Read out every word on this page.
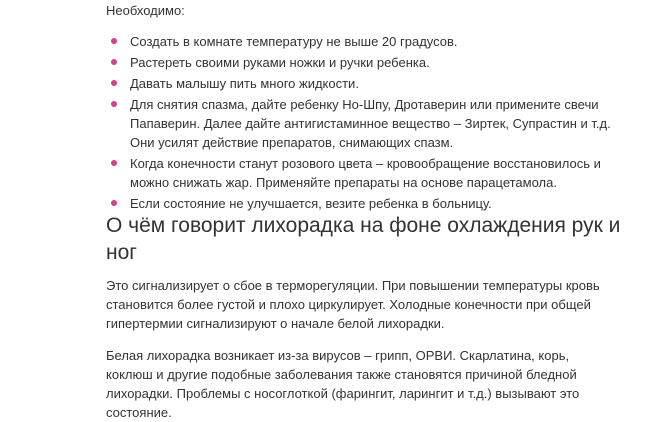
Необходимо:

Создать в комнате температуру не выше 20 градусов.
Растереть своими руками ножки и ручки ребенка.
Давать малышу пить много жидкости.
Для снятия спазма, дайте ребенку Но-Шпу, Дротаверин или примените свечи Папаверин. Далее дайте антигистаминное вещество – Зиртек, Супрастин и т.д. Они усилят действие препаратов, снимающих спазм.
Когда конечности станут розового цвета – кровообращение восстановилось и можно снижать жар. Применяйте препараты на основе парацетамола.
Если состояние не улучшается, везите ребенка в больницу.
О чём говорит лихорадка на фоне охлаждения рук и ног

Это сигнализирует о сбое в терморегуляции. При повышении температуры кровь становится более густой и плохо циркулирует. Холодные конечности при общей гипертермии сигнализируют о начале белой лихорадки.

Белая лихорадка возникает из-за вирусов – грипп, ОРВИ. Скарлатина, корь, коклюш и другие подобные заболевания также становятся причиной бледной лихорадки. Проблемы с носоглоткой (фарингит, ларингит и т.д.) вызывают это состояние.
